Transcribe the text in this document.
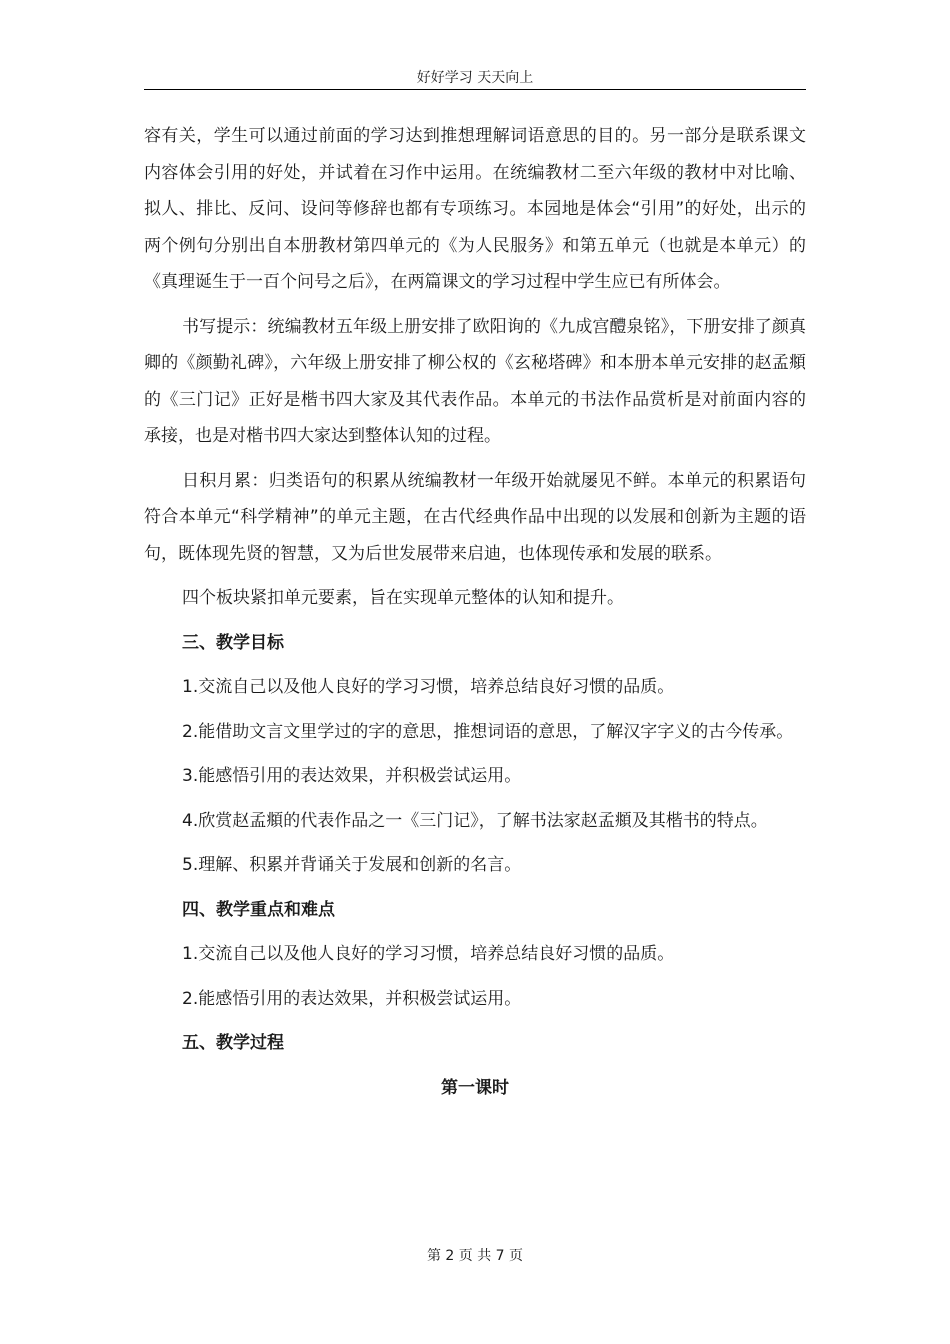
好好学习 天天向上

容有关，学生可以通过前面的学习达到推想理解词语意思的目的。另一部分是联系课文内容体会引用的好处，并试着在习作中运用。在统编教材二至六年级的教材中对比喻、拟人、排比、反问、设问等修辞也都有专项练习。本园地是体会“引用”的好处，出示的两个例句分别出自本册教材第四单元的《为人民服务》和第五单元（也就是本单元）的《真理诞生于一百个问号之后》，在两篇课文的学习过程中学生应已有所体会。

书写提示：统编教材五年级上册安排了欧阳询的《九成宫醴泉铭》，下册安排了颜真卿的《颜勤礼碑》，六年级上册安排了柳公权的《玄秘塔碑》和本册本单元安排的赵孟頫的《三门记》正好是楷书四大家及其代表作品。本单元的书法作品赏析是对前面内容的承接，也是对楷书四大家达到整体认知的过程。

日积月累：归类语句的积累从统编教材一年级开始就屡见不鲜。本单元的积累语句符合本单元“科学精神”的单元主题，在古代经典作品中出现的以发展和创新为主题的语句，既体现先贤的智慧，又为后世发展带来启迪，也体现传承和发展的联系。

四个板块紧扣单元要素，旨在实现单元整体的认知和提升。

三、教学目标

1.交流自己以及他人良好的学习习惯，培养总结良好习惯的品质。

2.能借助文言文里学过的字的意思，推想词语的意思，了解汉字字义的古今传承。

3.能感悟引用的表达效果，并积极尝试运用。

4.欣赏赵孟頫的代表作品之一《三门记》，了解书法家赵孟頫及其楷书的特点。

5.理解、积累并背诵关于发展和创新的名言。

四、教学重点和难点

1.交流自己以及他人良好的学习习惯，培养总结良好习惯的品质。

2.能感悟引用的表达效果，并积极尝试运用。

五、教学过程

第一课时

第 2 页 共 7 页
